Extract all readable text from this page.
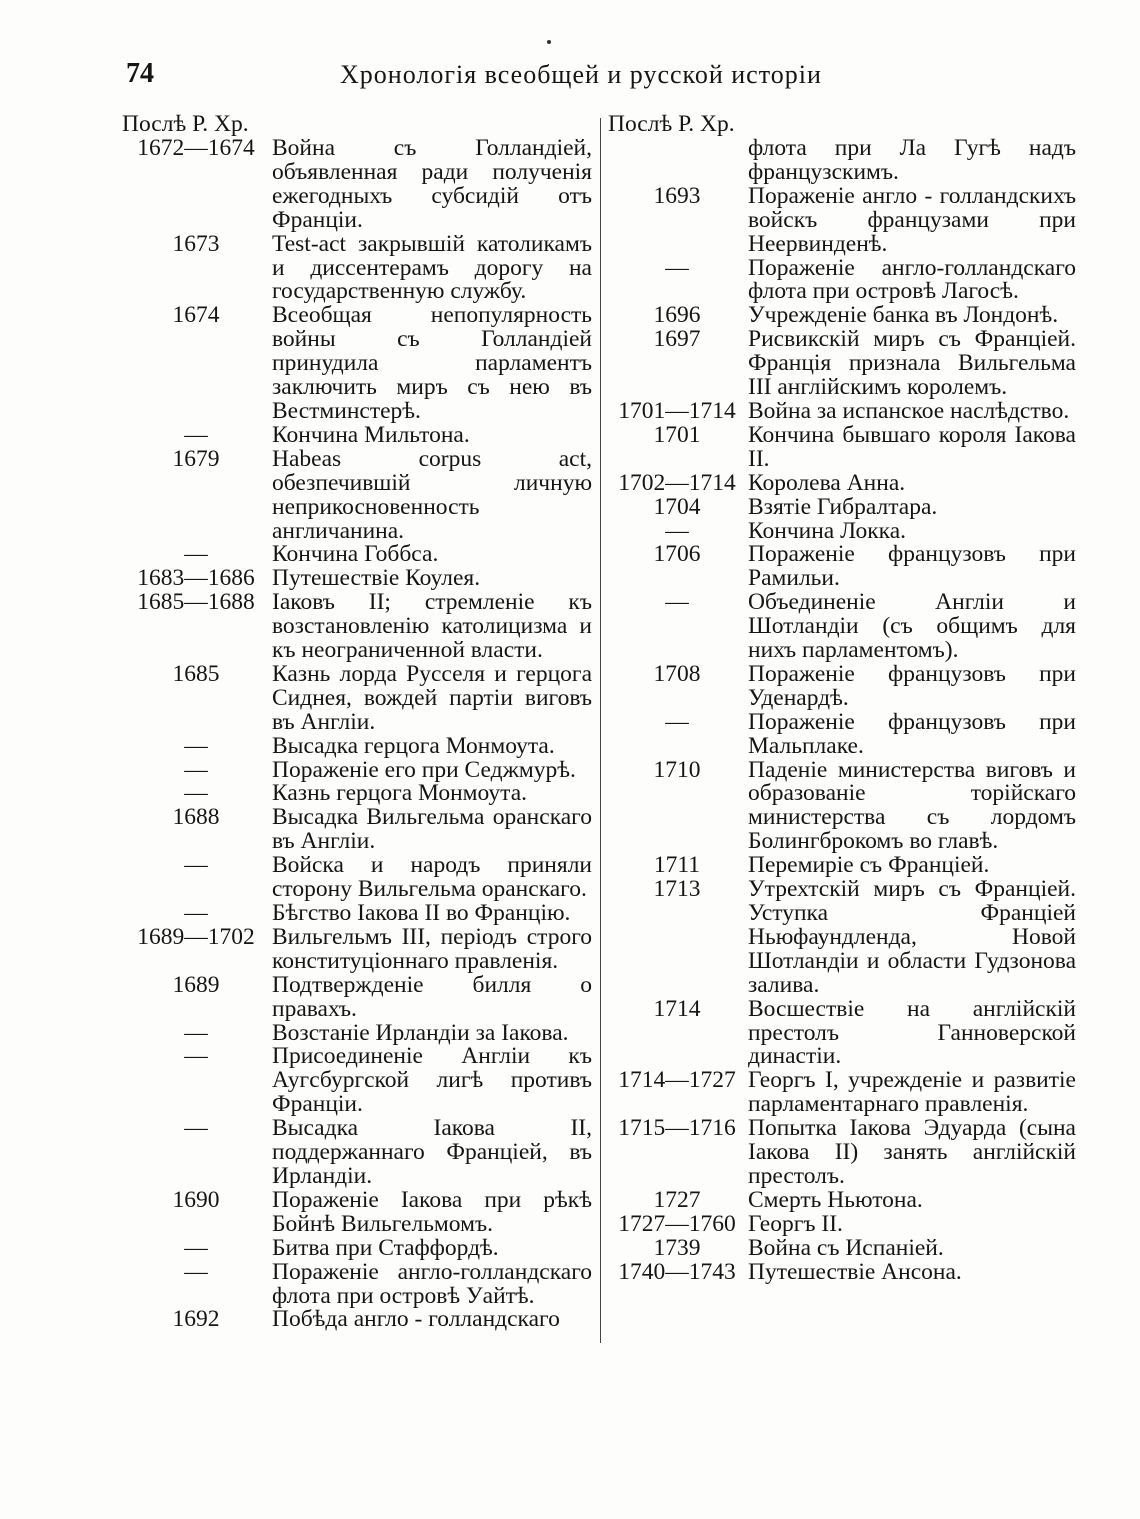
74	Хронологія всеобщей и русской исторіи
Послѣ Р. Хр.
1672—1674 Война съ Голландіей, объявленная ради полученія ежегодныхъ субсидій отъ Франціи.
1673	Test-act закрывшій католикамъ и диссентерамъ дорогу на государственную службу.
1674	Всеобщая непопулярность войны съ Голландіей принудила парламентъ заключить миръ съ нею въ Вестминстерѣ.
—	Кончина Мильтона.
1679	Habeas corpus act, обезпечившій личную неприкосновенность англичанина.
—	Кончина Гоббса.
1683—1686 Путешествіе Коулея.
1685—1688 Іаковъ II; стремленіе къ возстановленію католицизма и къ неограниченной власти.
1685	Казнь лорда Русселя и герцога Сиднея, вождей партіи виговъ въ Англіи.
—	Высадка герцога Монмоута.
—	Пораженіе его при Седжмурѣ.
—	Казнь герцога Монмоута.
1688	Высадка Вильгельма оранскаго въ Англіи.
—	Войска и народъ приняли сторону Вильгельма оранскаго.
—	Бѣгство Іакова II во Францію.
1689—1702 Вильгельмъ III, періодъ строго конституціоннаго правленія.
1689	Подтвержденіе билля о правахъ.
—	Возстаніе Ирландіи за Іакова.
—	Присоединеніе Англіи къ Аугсбургской лигѣ противъ Франціи.
—	Высадка Іакова II, поддержаннаго Франціей, въ Ирландіи.
1690	Пораженіе Іакова при рѣкѣ Бойнѣ Вильгельмомъ.
—	Битва при Стаффордѣ.
—	Пораженіе англо-голландскаго флота при островѣ Уайтѣ.
1692	Побѣда англо - голландскаго
Послѣ Р. Хр.
флота при Ла Гугѣ надъ французскимъ.
1693	Пораженіе англо - голландскихъ войскъ французами при Неервинденѣ.
—	Пораженіе англо-голландскаго флота при островѣ Лагосѣ.
1696	Учрежденіе банка въ Лондонѣ.
1697	Рисвикскій миръ съ Франціей. Франція признала Вильгельма III англійскимъ королемъ.
1701—1714 Война за испанское наслѣдство.
1701	Кончина бывшаго короля Іакова II.
1702—1714 Королева Анна.
1704	Взятіе Гибралтара.
—	Кончина Локка.
1706	Пораженіе французовъ при Рамильи.
—	Объединеніе Англіи и Шотландіи (съ общимъ для нихъ парламентомъ).
1708	Пораженіе французовъ при Уденардѣ.
—	Пораженіе французовъ при Мальплаке.
1710	Паденіе министерства виговъ и образованіе торійскаго министерства съ лордомъ Болингброкомъ во главѣ.
1711	Перемиріе съ Франціей.
1713	Утрехтскій миръ съ Франціей. Уступка Франціей Ньюфаундленда, Новой Шотландіи и области Гудзонова залива.
1714	Восшествіе на англійскій престолъ Ганноверской династіи.
1714—1727 Георгъ I, учрежденіе и развитіе парламентарнаго правленія.
1715—1716 Попытка Іакова Эдуарда (сына Іакова II) занять англійскій престолъ.
1727	Смерть Ньютона.
1727—1760 Георгъ II.
1739	Война съ Испаніей.
1740—1743 Путешествіе Ансона.
